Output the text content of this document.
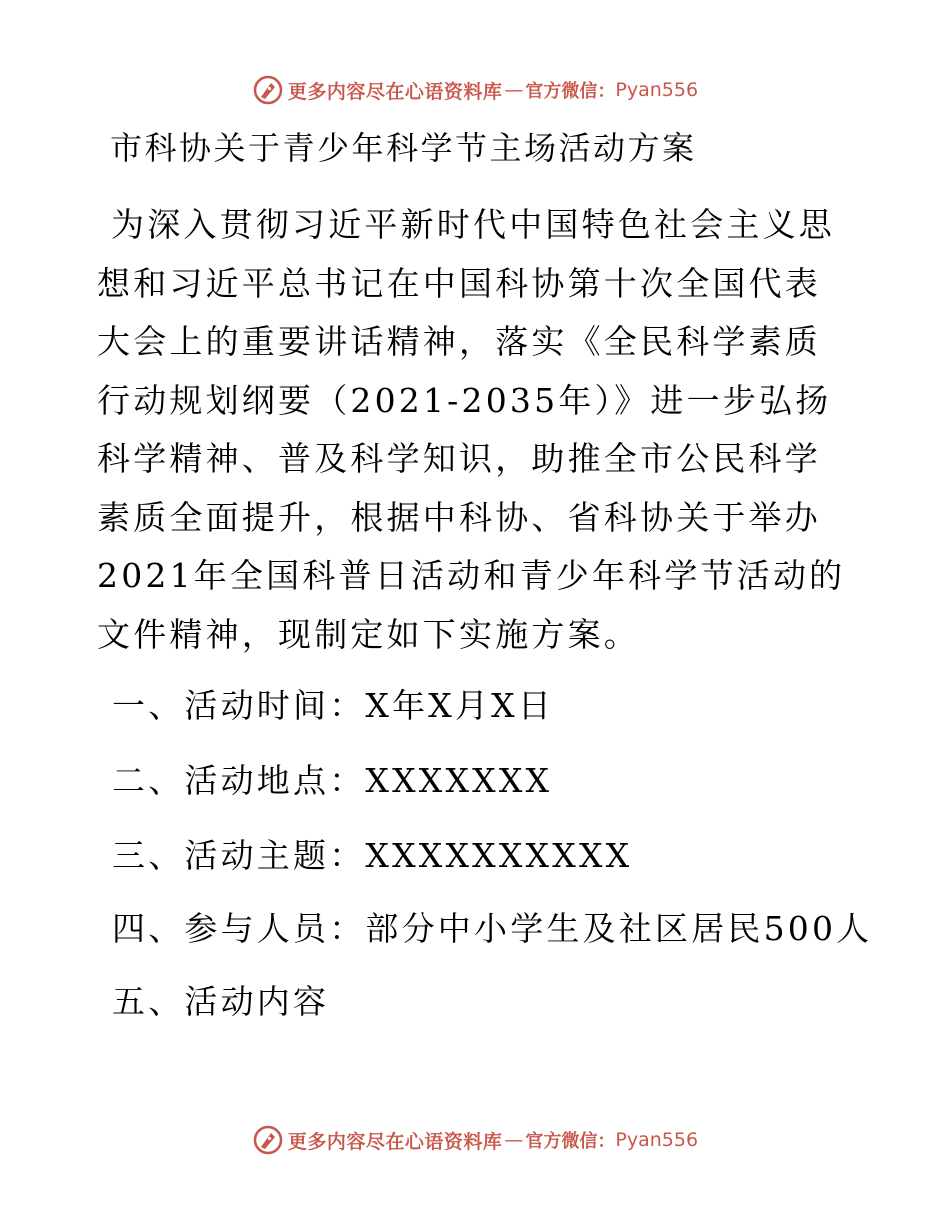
更多内容尽在心语资料库 — 官方微信： Pyan556
市科协关于青少年科学节主场活动方案

为深入贯彻习近平新时代中国特色社会主义思想和习近平总书记在中国科协第十次全国代表大会上的重要讲话精神，落实《全民科学素质行动规划纲要（2021-2035年）》进一步弘扬科学精神、普及科学知识，助推全市公民科学素质全面提升，根据中科协、省科协关于举办2021年全国科普日活动和青少年科学节活动的文件精神，现制定如下实施方案。

一、活动时间：X年X月X日
二、活动地点：XXXXXXX
三、活动主题：XXXXXXXXXX
四、参与人员：部分中小学生及社区居民500人
五、活动内容
更多内容尽在心语资料库 — 官方微信： Pyan556
